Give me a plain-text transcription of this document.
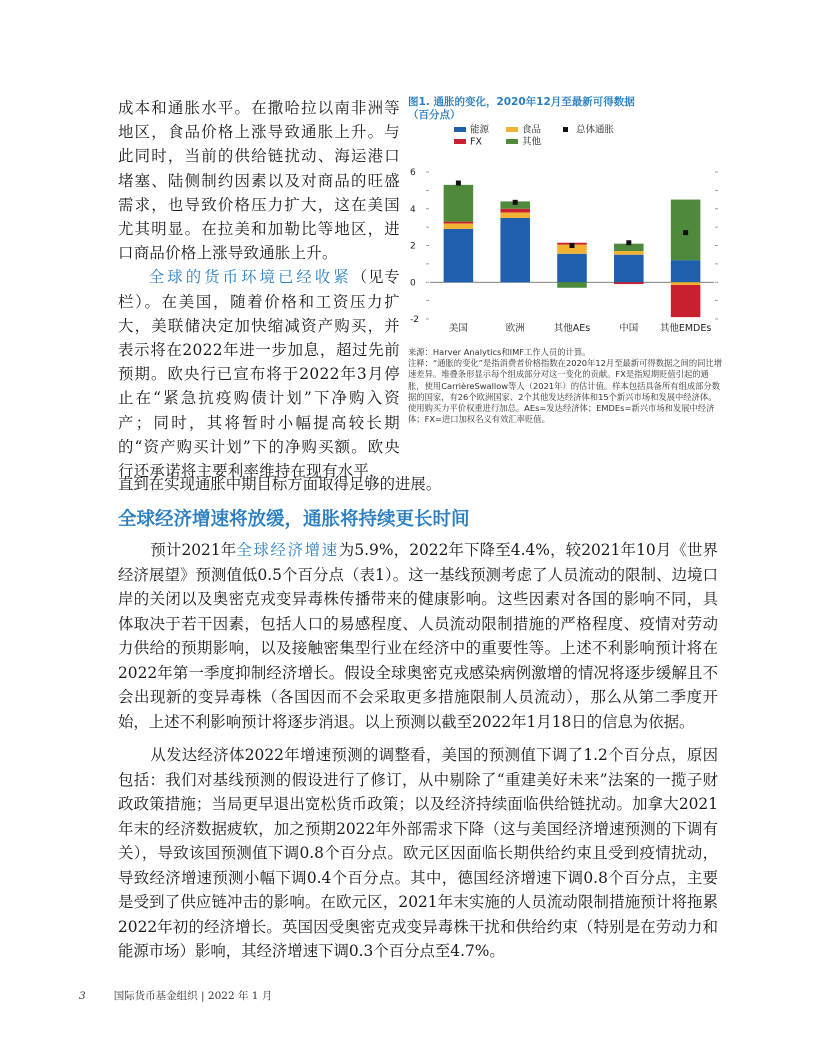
成本和通胀水平。在撒哈拉以南非洲等地区，食品价格上涨导致通胀上升。与此同时，当前的供给链扰动、海运港口堵塞、陆侧制约因素以及对商品的旺盛需求，也导致价格压力扩大，这在美国尤其明显。在拉美和加勒比等地区，进口商品价格上涨导致通胀上升。

全球的货币环境已经收紧（见专栏）。在美国，随着价格和工资压力扩大，美联储决定加快缩减资产购买，并表示将在2022年进一步加息，超过先前预期。欧央行已宣布将于2022年3月停止在“紧急抗疫购债计划”下净购入资产；同时，其将暂时小幅提高较长期的“资产购买计划”下的净购买额。欧央行还承诺将主要利率维持在现有水平，

直到在实现通胀中期目标方面取得足够的进展。

图1. 通胀的变化，2020年12月至最新可得数据

（百分点）

能源	食品	总体通胀
FX	其他
-2
0
2
4
6
美国	欧洲	其他AEs	中国 其他EMDEs

来源：Harver Analytics和IMF工作人员的计算。

注释：“通胀的变化”是指消费者价格指数在2020年12月至最新可得数据之间的同比增速差异。堆叠条形显示每个组成部分对这一变化的贡献。FX是指短期贬值引起的通胀，使用CarrièreSwallow等人（2021年）的估计值。样本包括具备所有组成部分数据的国家，有26个欧洲国家、2个其他发达经济体和15个新兴市场和发展中经济体。使用购买力平价权重进行加总。AEs=发达经济体；EMDEs=新兴市场和发展中经济体；FX=进口加权名义有效汇率贬值。

全球经济增速将放缓，通胀将持续更长时间

预计2021年全球经济增速为5.9%，2022年下降至4.4%，较2021年10月《世界经济展望》预测值低0.5个百分点（表1）。这一基线预测考虑了人员流动的限制、边境口岸的关闭以及奥密克戎变异毒株传播带来的健康影响。这些因素对各国的影响不同，具体取决于若干因素，包括人口的易感程度、人员流动限制措施的严格程度、疫情对劳动力供给的预期影响，以及接触密集型行业在经济中的重要性等。上述不利影响预计将在2022年第一季度抑制经济增长。假设全球奥密克戎感染病例激增的情况将逐步缓解且不会出现新的变异毒株（各国因而不会采取更多措施限制人员流动），那么从第二季度开始，上述不利影响预计将逐步消退。以上预测以截至2022年1月18日的信息为依据。

从发达经济体2022年增速预测的调整看，美国的预测值下调了1.2个百分点，原因包括：我们对基线预测的假设进行了修订，从中剔除了“重建美好未来”法案的一揽子财政政策措施；当局更早退出宽松货币政策；以及经济持续面临供给链扰动。加拿大2021年末的经济数据疲软，加之预期2022年外部需求下降（这与美国经济增速预测的下调有关），导致该国预测值下调0.8个百分点。欧元区因面临长期供给约束且受到疫情扰动，导致经济增速预测小幅下调0.4个百分点。其中，德国经济增速下调0.8个百分点，主要是受到了供应链冲击的影响。在欧元区，2021年末实施的人员流动限制措施预计将拖累2022年初的经济增长。英国因受奥密克戎变异毒株干扰和供给约束（特别是在劳动力和能源市场）影响，其经济增速下调0.3个百分点至4.7%。

3	国际货币基金组织 | 2022 年 1 月
